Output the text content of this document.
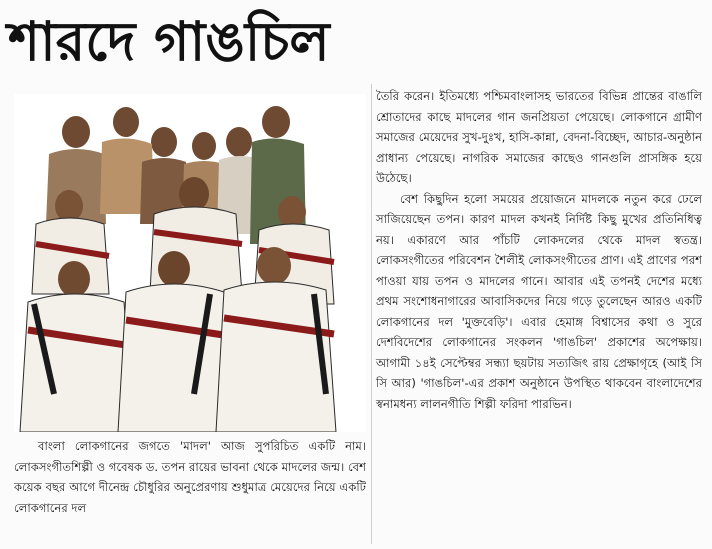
শারদে গাঙচিল

বাংলা লোকগানের জগতে 'মাদল' আজ সুপরিচিত একটি নাম। লোকসংগীতশিল্পী ও গবেষক ড. তপন রায়ের ভাবনা থেকে মাদলের জন্ম। বেশ কয়েক বছর আগে দীনেন্দ্র চৌধুরির অনুপ্রেরণায় শুধুমাত্র মেয়েদের নিয়ে একটি লোকগানের দল

তৈরি করেন। ইতিমধ্যে পশ্চিমবাংলাসহ ভারতের বিভিন্ন প্রান্তের বাঙালি শ্রোতাদের কাছে মাদলের গান জনপ্রিয়তা পেয়েছে। লোকগানে গ্রামীণ সমাজের মেয়েদের সুখ-দুঃখ, হাসি-কান্না, বেদনা-বিচ্ছেদ, আচার-অনুষ্ঠান প্রাধান্য পেয়েছে। নাগরিক সমাজের কাছেও গানগুলি প্রাসঙ্গিক হয়ে উঠেছে।

বেশ কিছুদিন হলো সময়ের প্রয়োজনে মাদলকে নতুন করে ঢেলে সাজিয়েছেন তপন। কারণ মাদল কখনই নির্দিষ্ট কিছু মুখের প্রতিনিধিত্ব নয়। একারণে আর পাঁচটি লোকদলের থেকে মাদল স্বতন্ত্র। লোকসংগীতের পরিবেশন শৈলীই লোকসংগীতের প্রাণ। এই প্রাণের পরশ পাওয়া যায় তপন ও মাদলের গানে। আবার এই তপনই দেশের মধ্যে প্রথম সংশোধনাগারের আবাসিকদের নিয়ে গড়ে তুলেছেন আরও একটি লোকগানের দল 'মুক্তবেড়ি'। এবার হেমাঙ্গ বিশ্বাসের কথা ও সুরে দেশবিদেশের লোকগানের সংকলন 'গাঙচিল' প্রকাশের অপেক্ষায়। আগামী ১৪ই সেপ্টেম্বর সন্ধ্যা ছয়টায় সত্যজিৎ রায় প্রেক্ষাগৃহে (আই সি সি আর) 'গাঙচিল'-এর প্রকাশ অনুষ্ঠানে উপস্থিত থাকবেন বাংলাদেশের স্বনামধন্য লালনগীতি শিল্পী ফরিদা পারভিন।
